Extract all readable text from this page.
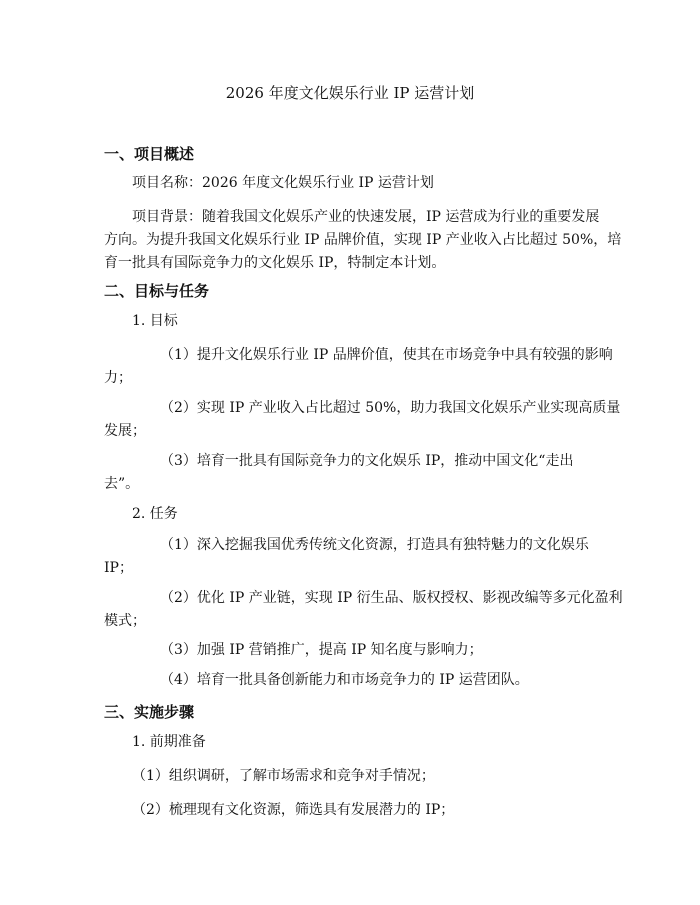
2026 年度文化娱乐行业 IP 运营计划
一、项目概述

项目名称：2026 年度文化娱乐行业 IP 运营计划

项目背景：随着我国文化娱乐产业的快速发展，IP 运营成为行业的重要发展

方向。为提升我国文化娱乐行业 IP 品牌价值，实现 IP 产业收入占比超过 50%，培

育一批具有国际竞争力的文化娱乐 IP，特制定本计划。

二、目标与任务

1. 目标

（1）提升文化娱乐行业 IP 品牌价值，使其在市场竞争中具有较强的影响

力；

（2）实现 IP 产业收入占比超过 50%，助力我国文化娱乐产业实现高质量

发展；

（3）培育一批具有国际竞争力的文化娱乐 IP，推动中国文化“走出

去”。

2. 任务

（1）深入挖掘我国优秀传统文化资源，打造具有独特魅力的文化娱乐

IP；

（2）优化 IP 产业链，实现 IP 衍生品、版权授权、影视改编等多元化盈利

模式；

（3）加强 IP 营销推广，提高 IP 知名度与影响力；

（4）培育一批具备创新能力和市场竞争力的 IP 运营团队。

三、实施步骤

1. 前期准备

（1）组织调研，了解市场需求和竞争对手情况；

（2）梳理现有文化资源，筛选具有发展潜力的 IP；
